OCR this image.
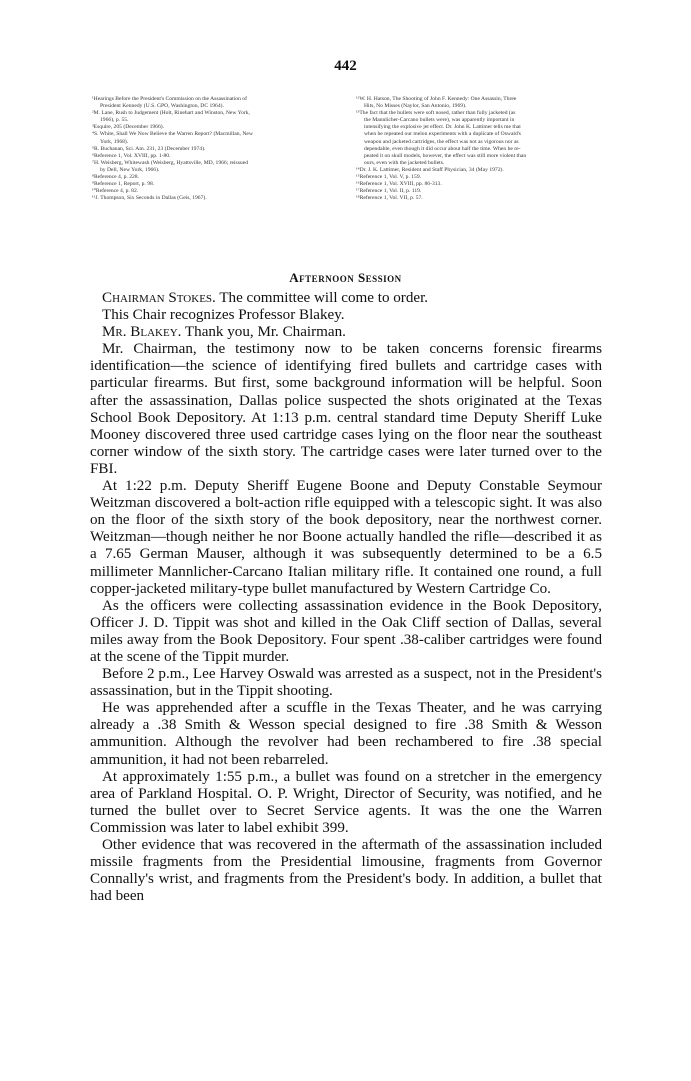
442

¹Hearings Before the President's Commission on the Assassination of

President Kennedy (U.S. GPO, Washington, DC 1964).

²M. Lane, Rush to Judgement (Holt, Rinehart and Winston, New York,

1966), p. 55.

³Esquire, 205 (December 1966).

⁴S. White, Shall We Now Believe the Warren Report? (Macmillan, New

York, 1968).

⁵R. Buchanan, Sci. Am. 231, 23 (December 1974).

⁶Reference 1, Vol. XVIII, pp. 1-80.

⁷H. Weisberg, Whitewash (Weisberg, Hyattsville, MD, 1966; reissued

by Dell, New York, 1966).

⁸Reference 4, p. 228.

⁹Reference 1, Report, p. 98.

¹⁰Reference 4, p. 82.

¹¹J. Thompson, Six Seconds in Dallas (Geis, 1967).

¹²W. H. Hatson, The Shooting of John F. Kennedy: One Assassin, Three

Hits, No Misses (Naylor, San Antonio, 1969).

¹³The fact that the bullets were soft nosed, rather than fully jacketed (as

the Mannlicher-Carcano bullets were), was apparently important in

intensifying the explosive jet effect. Dr. John K. Lattimer tells me that

when he repeated our melon experiments with a duplicate of Oswald's

weapon and jacketed cartridges, the effect was not as vigorous nor as

dependable, even though it did occur about half the time. When he re-

peated it on skull models, however, the effect was still more violent than

ours, even with the jacketed bullets.

¹⁴Dr. J. K. Lattimer, Resident and Staff Physician, 34 (May 1972).

¹⁵Reference 1, Vol. V, p. 159.

¹⁶Reference 1, Vol. XVIII, pp. 86-313.

¹⁷Reference 1, Vol. II, p. 119.

¹⁸Reference 1, Vol. VII, p. 57.

Afternoon Session

Chairman Stokes. The committee will come to order.

This Chair recognizes Professor Blakey.

Mr. Blakey. Thank you, Mr. Chairman.

Mr. Chairman, the testimony now to be taken concerns forensic firearms identification—the science of identifying fired bullets and cartridge cases with particular firearms. But first, some background information will be helpful. Soon after the assassination, Dallas police suspected the shots originated at the Texas School Book Depository. At 1:13 p.m. central standard time Deputy Sheriff Luke Mooney discovered three used cartridge cases lying on the floor near the southeast corner window of the sixth story. The cartridge cases were later turned over to the FBI.

At 1:22 p.m. Deputy Sheriff Eugene Boone and Deputy Constable Seymour Weitzman discovered a bolt-action rifle equipped with a telescopic sight. It was also on the floor of the sixth story of the book depository, near the northwest corner. Weitzman—though neither he nor Boone actually handled the rifle—described it as a 7.65 German Mauser, although it was subsequently determined to be a 6.5 millimeter Mannlicher-Carcano Italian military rifle. It contained one round, a full copper-jacketed military-type bullet manufactured by Western Cartridge Co.

As the officers were collecting assassination evidence in the Book Depository, Officer J. D. Tippit was shot and killed in the Oak Cliff section of Dallas, several miles away from the Book Depository. Four spent .38-caliber cartridges were found at the scene of the Tippit murder.

Before 2 p.m., Lee Harvey Oswald was arrested as a suspect, not in the President's assassination, but in the Tippit shooting.

He was apprehended after a scuffle in the Texas Theater, and he was carrying already a .38 Smith & Wesson special designed to fire .38 Smith & Wesson ammunition. Although the revolver had been rechambered to fire .38 special ammunition, it had not been rebarreled.

At approximately 1:55 p.m., a bullet was found on a stretcher in the emergency area of Parkland Hospital. O. P. Wright, Director of Security, was notified, and he turned the bullet over to Secret Service agents. It was the one the Warren Commission was later to label exhibit 399.

Other evidence that was recovered in the aftermath of the assassination included missile fragments from the Presidential limousine, fragments from Governor Connally's wrist, and fragments from the President's body. In addition, a bullet that had been
